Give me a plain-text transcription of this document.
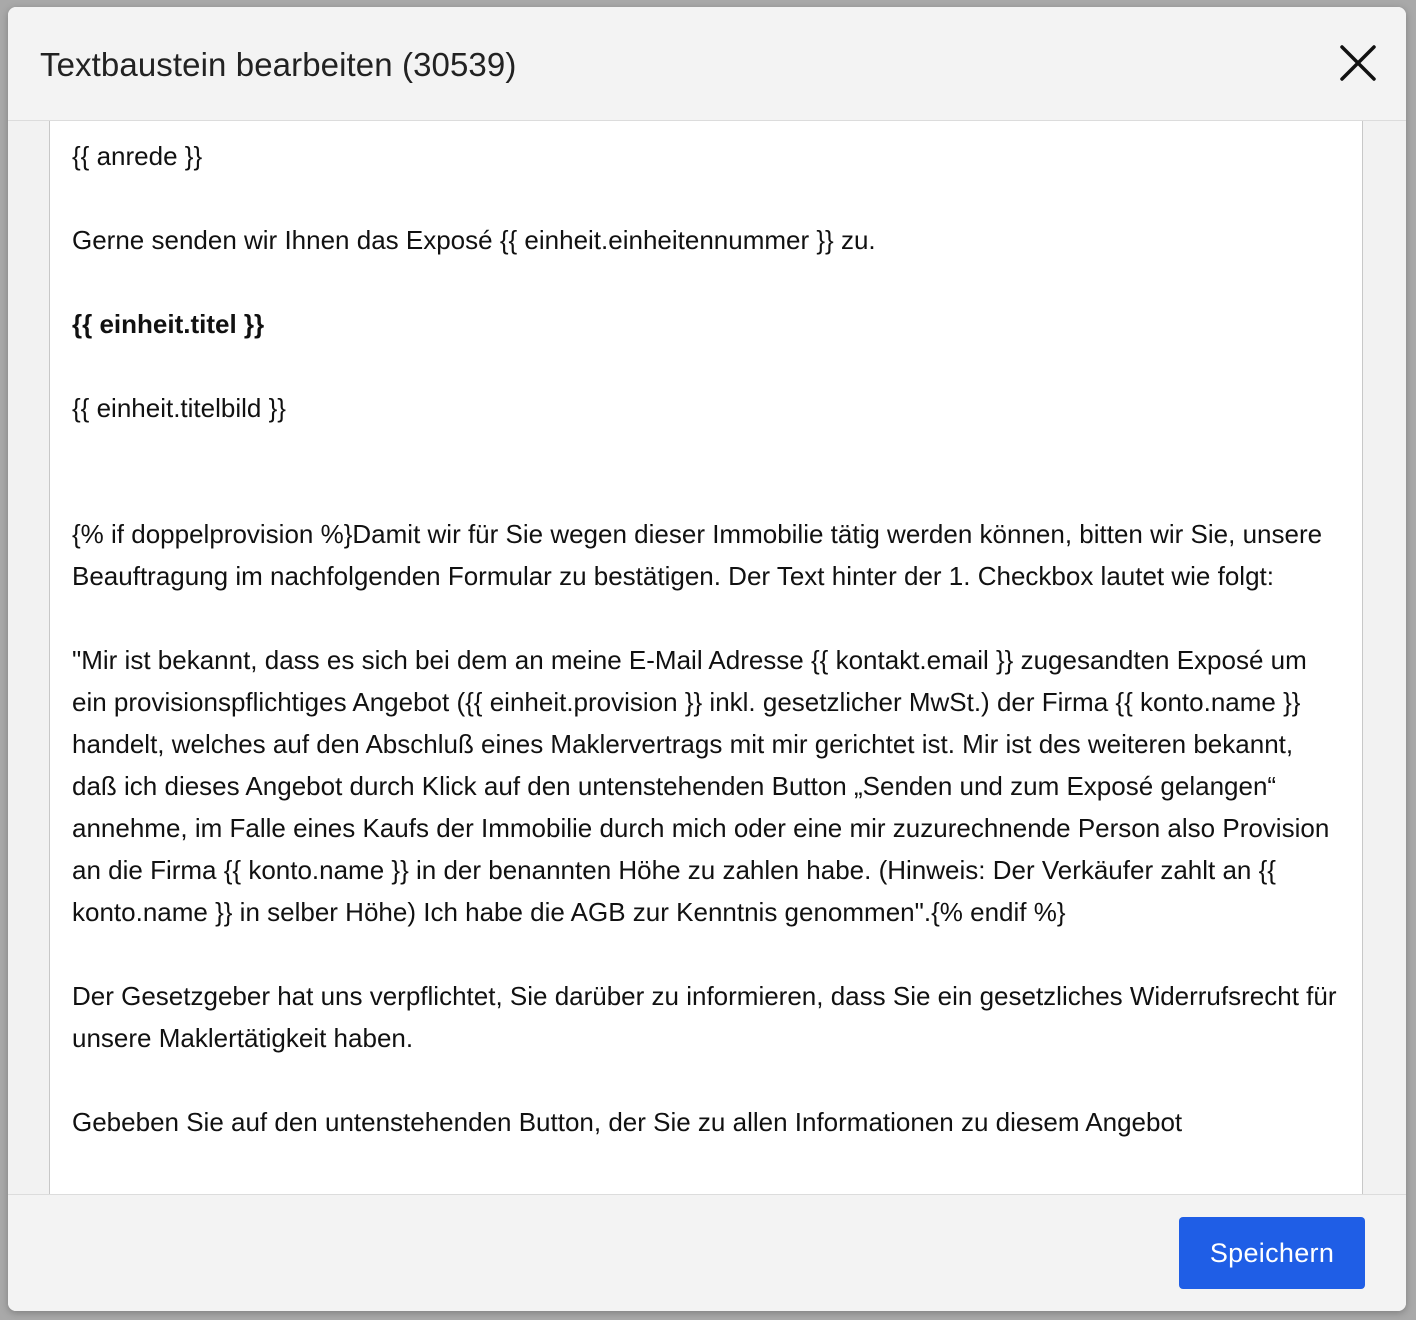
Textbaustein bearbeiten (30539)

{{ anrede }}

Gerne senden wir Ihnen das Exposé {{ einheit.einheitennummer }} zu.

{{ einheit.titel }}

{{ einheit.titelbild }}

{% if doppelprovision %}Damit wir für Sie wegen dieser Immobilie tätig werden können, bitten wir Sie, unsere Beauftragung im nachfolgenden Formular zu bestätigen. Der Text hinter der 1. Checkbox lautet wie folgt:

"Mir ist bekannt, dass es sich bei dem an meine E-Mail Adresse {{ kontakt.email }} zugesandten Exposé um ein provisionspflichtiges Angebot ({{ einheit.provision }} inkl. gesetzlicher MwSt.) der Firma {{ konto.name }} handelt, welches auf den Abschluß eines Maklervertrags mit mir gerichtet ist. Mir ist des weiteren bekannt, daß ich dieses Angebot durch Klick auf den untenstehenden Button „Senden und zum Exposé gelangen“ annehme, im Falle eines Kaufs der Immobilie durch mich oder eine mir zuzurechnende Person also Provision an die Firma {{ konto.name }} in der benannten Höhe zu zahlen habe. (Hinweis: Der Verkäufer zahlt an {{ konto.name }} in selber Höhe) Ich habe die AGB zur Kenntnis genommen".{% endif %}

Der Gesetzgeber hat uns verpflichtet, Sie darüber zu informieren, dass Sie ein gesetzliches Widerrufsrecht für unsere Maklertätigkeit haben.

Gebeben Sie auf den untenstehenden Button, der Sie zu allen Informationen zu diesem Angebot

Speichern
